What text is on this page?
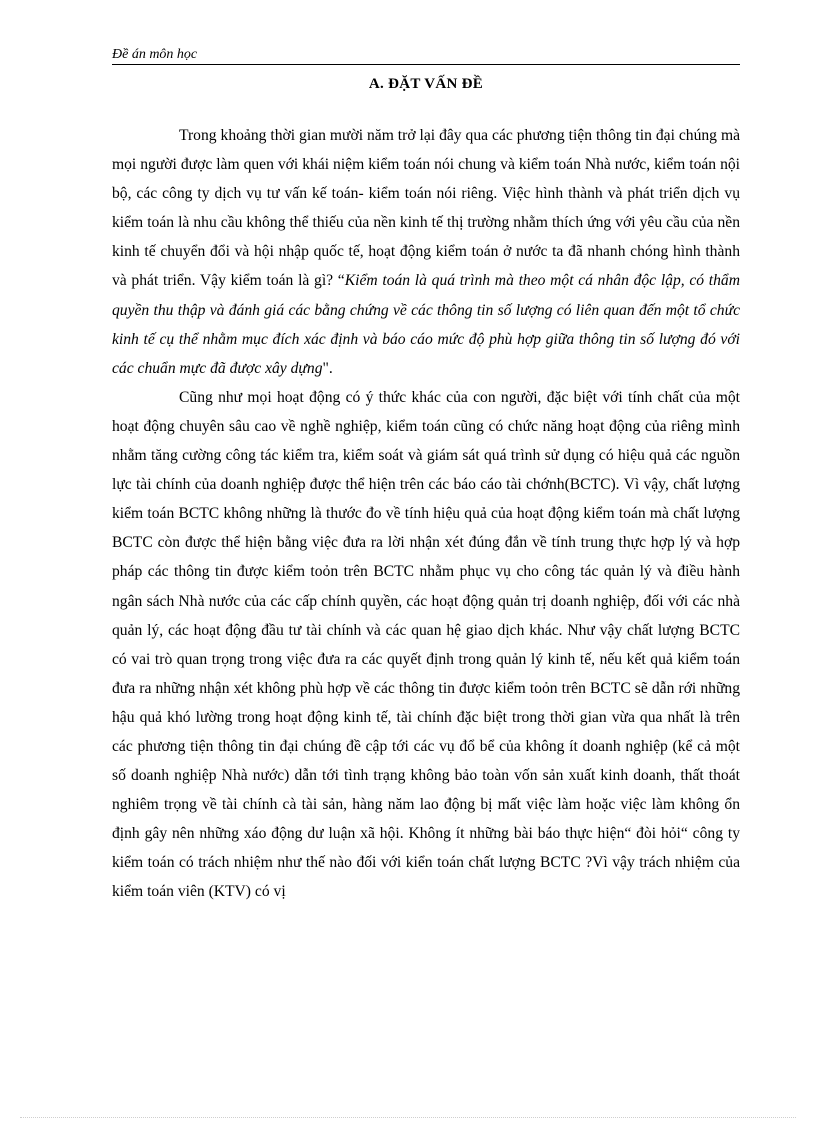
Đề án môn học
A. ĐẶT VẤN ĐỀ

Trong khoảng thời gian mười năm trở lại đây qua các phương tiện thông tin đại chúng mà mọi người được làm quen với khái niệm kiểm toán nói chung và kiểm toán Nhà nước, kiểm toán nội bộ, các công ty dịch vụ tư vấn kế toán- kiểm toán nói riêng. Việc hình thành và phát triển dịch vụ kiểm toán là nhu cầu không thể thiếu của nền kinh tế thị trường nhằm thích ứng với yêu cầu của nền kinh tế chuyển đổi và hội nhập quốc tế, hoạt động kiểm toán ở nước ta đã nhanh chóng hình thành và phát triển. Vậy kiểm toán là gì? “Kiểm toán là quá trình mà theo một cá nhân độc lập, có thẩm quyền thu thập và đánh giá các bằng chứng về các thông tin số lượng có liên quan đến một tổ chức kinh tế cụ thể nhằm mục đích xác định và báo cáo mức độ phù hợp giữa thông tin số lượng đó với các chuẩn mực đã được xây dựng".

Cũng như mọi hoạt động có ý thức khác của con người, đặc biệt với tính chất của một hoạt động chuyên sâu cao về nghề nghiệp, kiểm toán cũng có chức năng hoạt động của riêng mình nhằm tăng cường công tác kiểm tra, kiểm soát và giám sát quá trình sử dụng có hiệu quả các nguồn lực tài chính của doanh nghiệp được thể hiện trên các báo cáo tài chớnh(BCTC). Vì vậy, chất lượng kiểm toán BCTC không những là thước đo về tính hiệu quả của hoạt động kiểm toán mà chất lượng BCTC còn được thể hiện bằng việc đưa ra lời nhận xét đúng đắn về tính trung thực hợp lý và hợp pháp các thông tin được kiểm toỏn trên BCTC nhằm phục vụ cho công tác quản lý và điều hành ngân sách Nhà nước của các cấp chính quyền, các hoạt động quản trị doanh nghiệp, đối với các nhà quản lý, các hoạt động đầu tư tài chính và các quan hệ giao dịch khác. Như vậy chất lượng BCTC có vai trò quan trọng trong việc đưa ra các quyết định trong quản lý kinh tế, nếu kết quả kiểm toán đưa ra những nhận xét không phù hợp về các thông tin được kiểm toỏn trên BCTC sẽ dẫn rới những hậu quả khó lường trong hoạt động kinh tế, tài chính đặc biệt trong thời gian vừa qua nhất là trên các phương tiện thông tin đại chúng đề cập tới các vụ đổ bể của không ít doanh nghiệp (kể cả một số doanh nghiệp Nhà nước) dẫn tới tình trạng không bảo toàn vốn sản xuất kinh doanh, thất thoát nghiêm trọng về tài chính cà tài sản, hàng năm lao động bị mất việc làm hoặc việc làm không ổn định gây nên những xáo động dư luận xã hội. Không ít những bài báo thực hiện“ đòi hỏi“ công ty kiểm toán có trách nhiệm như thế nào đối với kiển toán chất lượng BCTC ?Vì vậy trách nhiệm của kiểm toán viên (KTV) có vị
